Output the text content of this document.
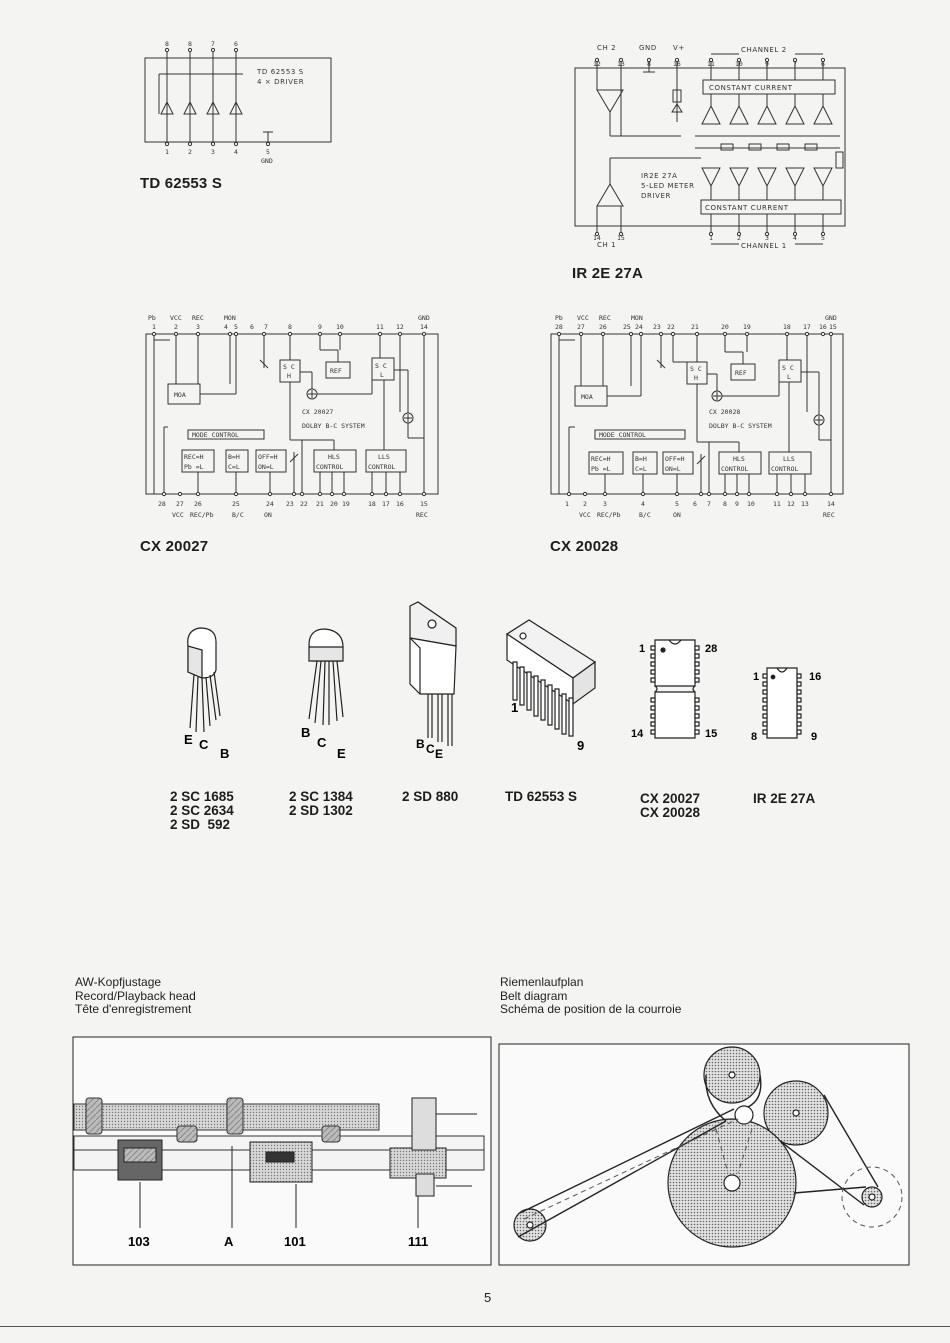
8	8	7	6
1	2	3	4	5
GND
TD 62553 S
4 × DRIVER
TD 62553 S
CH 2	GND V+	CHANNEL 2
12 13	8	16	11	10	9	7	6
CONSTANT CURRENT
IR2E 27A
5-LED METER
DRIVER
CONSTANT CURRENT
14 15	1	2	3	4	5
CH 1	CHANNEL 1
IR 2E 27A
Pb VCC REC	MON	GND
1	2	3	4 5 6 7	8	9 10	11 12 14
MOA
S C
H
REF
S C
L
CX 20027
DOLBY B-C SYSTEM
MODE CONTROL
REC=H
Pb =L
B=H
C=L
OFF=H
ON=L
HLS
CONTROL
LLS
CONTROL
28 27 26	25	24 23 22 21 20 19	18 17 16 15
VCC REC/Pb	B/C	ON	REC
CX 20027
Pb VCC REC	MON	GND
28 27 26 25 24 23 22 21	20 19	18 17 16 15
MOA
S C
H
REF
S C
L
CX 20028
DOLBY B-C SYSTEM
MODE CONTROL
REC=H
Pb =L
B=H
C=L
OFF=H
ON=L
HLS
CONTROL
LLS
CONTROL
1 2 3	4	5 6 7 8 9 10	11 12 13	14
VCC REC/Pb	B/C	ON	REC
CX 20028
E C
B
B
C
E
B C E
1
9
1	28
14	15
1	16
8	9
2 SC 1685
2 SC 2634
2 SD  592
2 SC 1384
2 SD 1302
2 SD 880	TD 62553 S	CX 20027
CX 20028
IR 2E 27A
AW-Kopfjustage
Record/Playback head
Tête d'enregistrement
103	A	101	111
Riemenlaufplan
Belt diagram
Schéma de position de la courroie
5
